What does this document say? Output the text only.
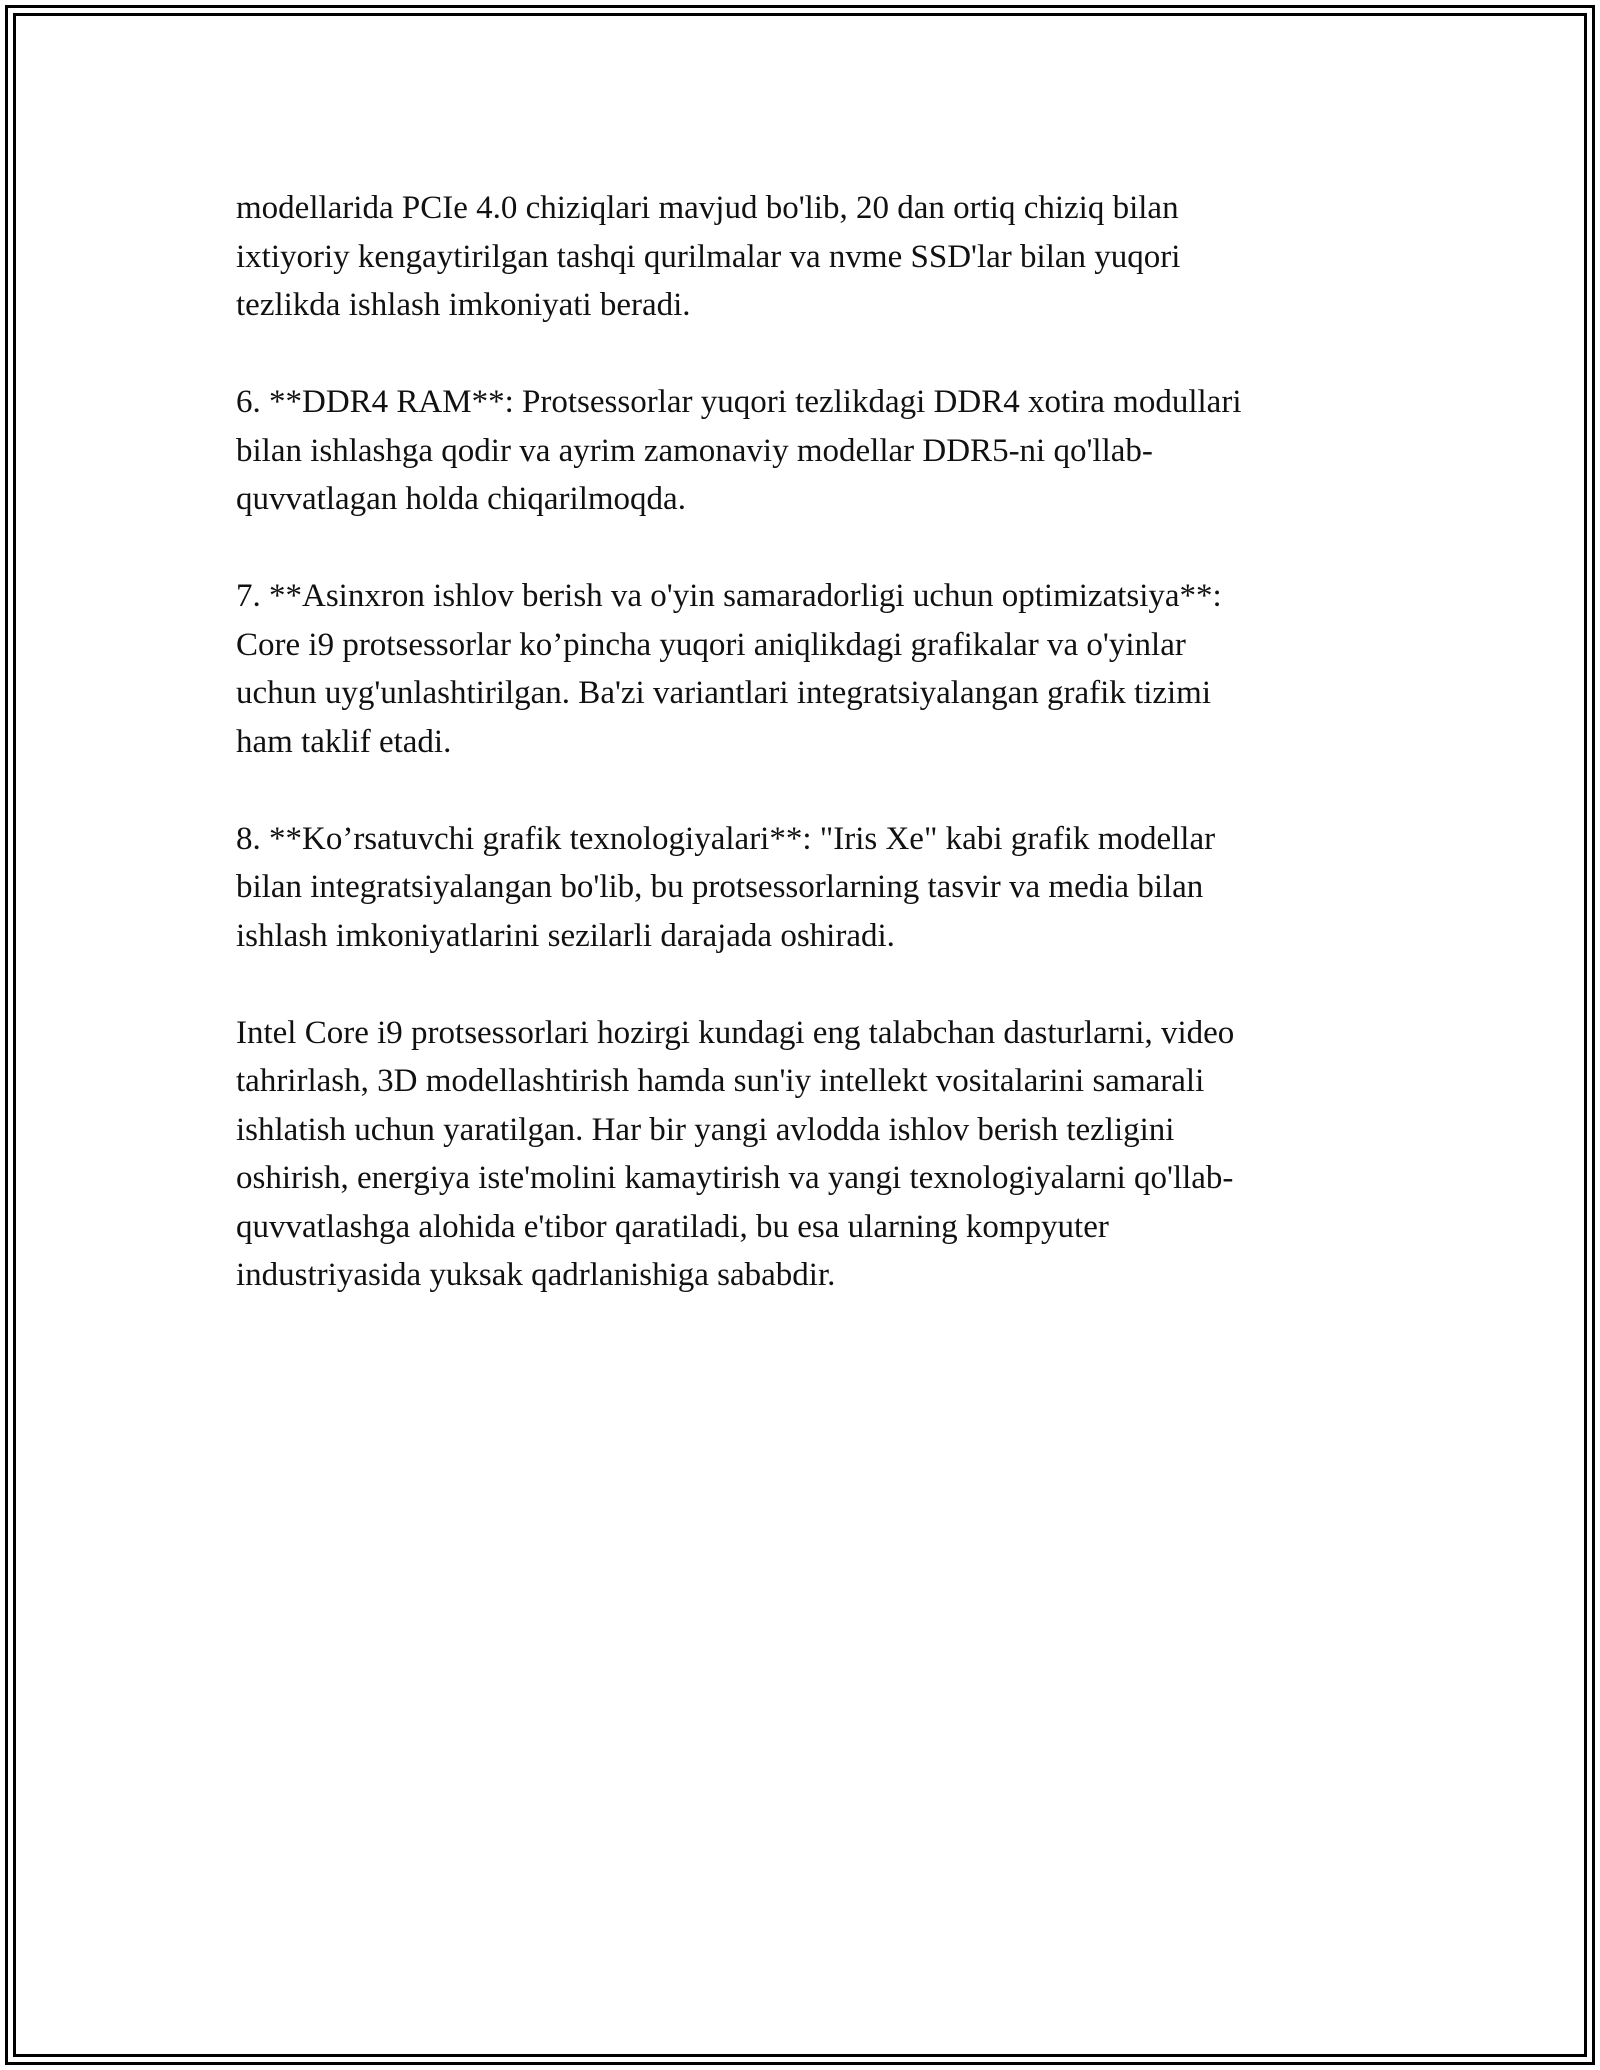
modellarida PCIe 4.0 chiziqlari mavjud bo'lib, 20 dan ortiq chiziq bilan
ixtiyoriy kengaytirilgan tashqi qurilmalar va nvme SSD'lar bilan yuqori
tezlikda ishlash imkoniyati beradi.

6. **DDR4 RAM**: Protsessorlar yuqori tezlikdagi DDR4 xotira modullari
bilan ishlashga qodir va ayrim zamonaviy modellar DDR5-ni qo'llab-
quvvatlagan holda chiqarilmoqda.

7. **Asinxron ishlov berish va o'yin samaradorligi uchun optimizatsiya**:
Core i9 protsessorlar ko’pincha yuqori aniqlikdagi grafikalar va o'yinlar
uchun uyg'unlashtirilgan. Ba'zi variantlari integratsiyalangan grafik tizimi
ham taklif etadi.

8. **Ko’rsatuvchi grafik texnologiyalari**: "Iris Xe" kabi grafik modellar
bilan integratsiyalangan bo'lib, bu protsessorlarning tasvir va media bilan
ishlash imkoniyatlarini sezilarli darajada oshiradi.

Intel Core i9 protsessorlari hozirgi kundagi eng talabchan dasturlarni, video
tahrirlash, 3D modellashtirish hamda sun'iy intellekt vositalarini samarali
ishlatish uchun yaratilgan. Har bir yangi avlodda ishlov berish tezligini
oshirish, energiya iste'molini kamaytirish va yangi texnologiyalarni qo'llab-
quvvatlashga alohida e'tibor qaratiladi, bu esa ularning kompyuter
industriyasida yuksak qadrlanishiga sababdir.
